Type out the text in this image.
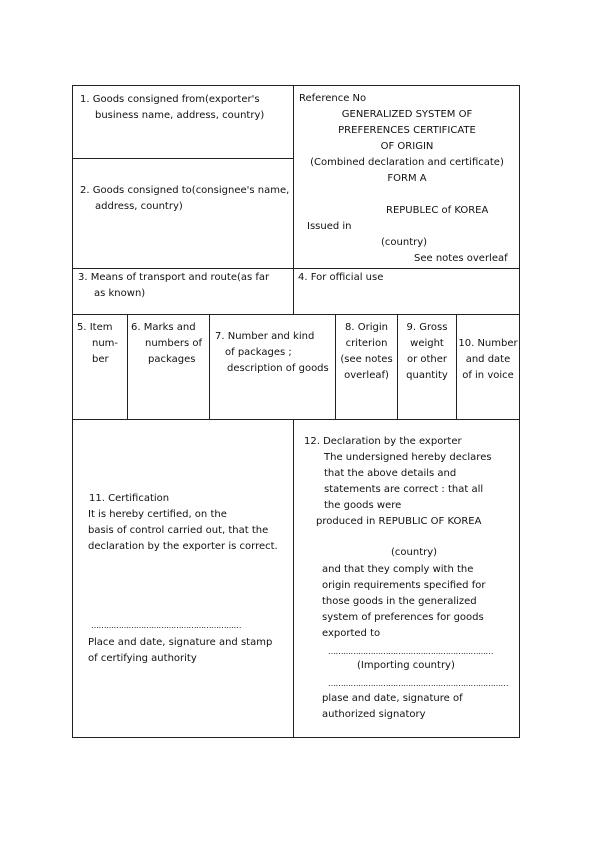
1. Goods consigned from(exporter's
business name, address, country)
2. Goods consigned to(consignee's name,
address, country)
Reference No
GENERALIZED SYSTEM OF
PREFERENCES CERTIFICATE
OF ORIGIN
(Combined declaration and certificate)
FORM A
REPUBLEC of KOREA
Issued in
(country)
See notes overleaf
3. Means of transport and route(as far
as known)
4. For official use
5. Item
num-
ber
6. Marks and
numbers of
packages
7. Number and kind
of packages ;
description of goods
8. Origin
criterion
(see notes
overleaf)
9. Gross
weight
or other
quantity
10. Number
and date
of in voice
11. Certification
It is hereby certified, on the
basis of control carried out, that the
declaration by the exporter is correct.
……………………………………………………
Place and date, signature and stamp
of certifying authority
12. Declaration by the exporter
The undersigned hereby declares
that the above details and
statements are correct : that all
the goods were
produced in REPUBLIC OF KOREA
(country)
and that they comply with the
origin requirements specified for
those goods in the generalized
system of preferences for goods
exported to
…………………………………………………………
(Importing country)
………………………………………………………………
plase and date, signature of
authorized signatory
